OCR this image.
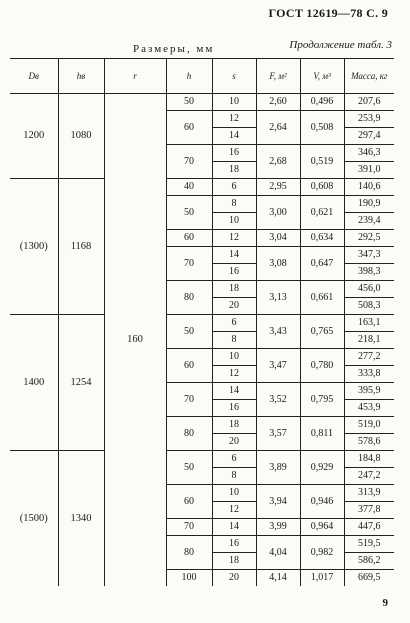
ГОСТ 12619—78 С. 9
Продолжение табл. 3
Размеры, мм
Dв	hв	r	h	s	F, м²	V, м³	Масса, кг
1200	1080	160	50	10	2,60	0,496	207,6
			60	12	2,64	0,508	253,9
				14			297,4
			70	16	2,68	0,519	346,3
				18			391,0
(1300)	1168		40	6	2,95	0,608	140,6
			50	8	3,00	0,621	190,9
				10			239,4
			60	12	3,04	0,634	292,5
			70	14	3,08	0,647	347,3
				16			398,3
			80	18	3,13	0,661	456,0
				20			508,3
1400	1254		50	6	3,43	0,765	163,1
				8			218,1
			60	10	3,47	0,780	277,2
				12			333,8
			70	14	3,52	0,795	395,9
				16			453,9
			80	18	3,57	0,811	519,0
				20			578,6
(1500)	1340		50	6	3,89	0,929	184,8
				8			247,2
			60	10	3,94	0,946	313,9
				12			377,8
			70	14	3,99	0,964	447,6
			80	16	4,04	0,982	519,5
				18			586,2
			100	20	4,14	1,017	669,5
9
